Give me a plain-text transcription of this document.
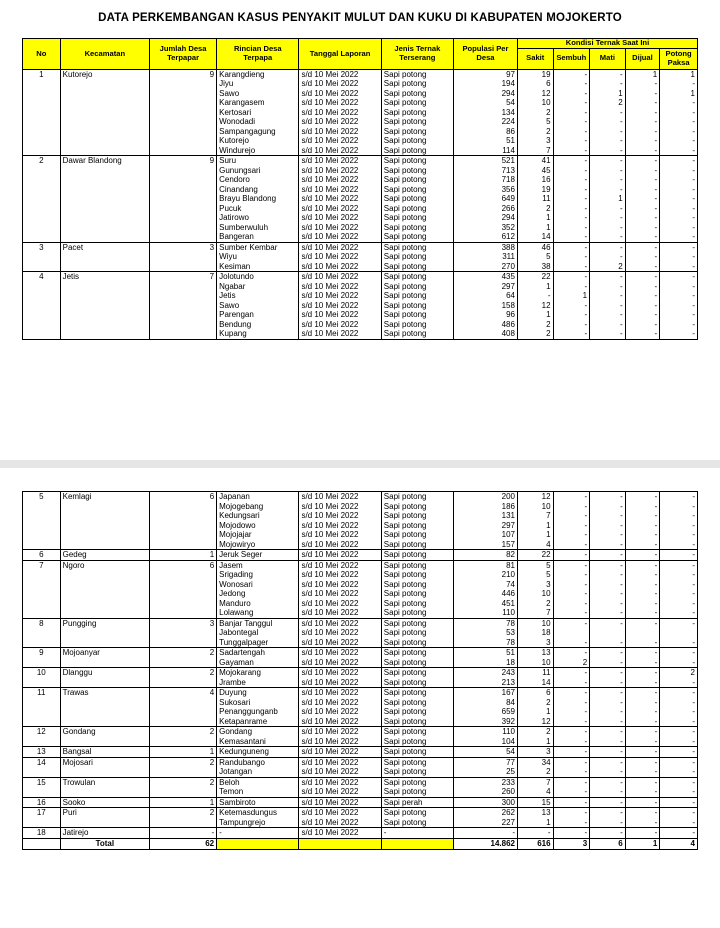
DATA PERKEMBANGAN KASUS PENYAKIT MULUT DAN KUKU DI KABUPATEN MOJOKERTO
No	Kecamatan	Jumlah Desa Terpapar	Rincian Desa Terpapa	Tanggal Laporan	Jenis Ternak Terserang	Populasi Per Desa	Kondisi Ternak Saat Ini				
							Sakit	Sembuh	Mati	Dijual	Potong Paksa
1	Kutorejo	9	Karangdieng	s/d 10 Mei 2022	Sapi potong	97	19	-	-	1	1
			Jiyu	s/d 10 Mei 2022	Sapi potong	194	6	-	-	-	-
			Sawo	s/d 10 Mei 2022	Sapi potong	294	12	-	1	-	1
			Karangasem	s/d 10 Mei 2022	Sapi potong	54	10	-	2	-	-
			Kertosari	s/d 10 Mei 2022	Sapi potong	134	2	-	-	-	-
			Wonodadi	s/d 10 Mei 2022	Sapi potong	224	5	-	-	-	-
			Sampangagung	s/d 10 Mei 2022	Sapi potong	86	2	-	-	-	-
			Kutorejo	s/d 10 Mei 2022	Sapi potong	51	3	-	-	-	-
			Windurejo	s/d 10 Mei 2022	Sapi potong	114	7	-	-	-	-
2	Dawar Blandong	9	Suru	s/d 10 Mei 2022	Sapi potong	521	41	-	-	-	-
			Gunungsari	s/d 10 Mei 2022	Sapi potong	713	45	-	-	-	-
			Cendoro	s/d 10 Mei 2022	Sapi potong	718	16	-	-	-	-
			Cinandang	s/d 10 Mei 2022	Sapi potong	356	19	-	-	-	-
			Brayu Blandong	s/d 10 Mei 2022	Sapi potong	649	11	-	1	-	-
			Pucuk	s/d 10 Mei 2022	Sapi potong	266	2	-	-	-	-
			Jatirowo	s/d 10 Mei 2022	Sapi potong	294	1	-	-	-	-
			Sumberwuluh	s/d 10 Mei 2022	Sapi potong	352	1	-	-	-	-
			Bangeran	s/d 10 Mei 2022	Sapi potong	612	14	-	-	-	-
3	Pacet	3	Sumber Kembar	s/d 10 Mei 2022	Sapi potong	388	46	-	-	-	-
			Wiyu	s/d 10 Mei 2022	Sapi potong	311	5	-	-	-	-
			Kesiman	s/d 10 Mei 2022	Sapi potong	270	38	-	2	-	-
4	Jetis	7	Jolotundo	s/d 10 Mei 2022	Sapi potong	435	22	-	-	-	-
			Ngabar	s/d 10 Mei 2022	Sapi potong	297	1	-	-	-	-
			Jetis	s/d 10 Mei 2022	Sapi potong	64	-	1	-	-	-
			Sawo	s/d 10 Mei 2022	Sapi potong	158	12	-	-	-	-
			Parengan	s/d 10 Mei 2022	Sapi potong	96	1	-	-	-	-
			Bendung	s/d 10 Mei 2022	Sapi potong	486	2	-	-	-	-
			Kupang	s/d 10 Mei 2022	Sapi potong	408	2	-	-	-	-
5	Kemlagi	6	Japanan	s/d 10 Mei 2022	Sapi potong	200	12	-	-	-	-
			Mojogebang	s/d 10 Mei 2022	Sapi potong	186	10	-	-	-	-
			Kedungsari	s/d 10 Mei 2022	Sapi potong	131	7	-	-	-	-
			Mojodowo	s/d 10 Mei 2022	Sapi potong	297	1	-	-	-	-
			Mojojajar	s/d 10 Mei 2022	Sapi potong	107	1	-	-	-	-
			Mojowiryo	s/d 10 Mei 2022	Sapi potong	157	4	-	-	-	-
6	Gedeg	1	Jeruk Seger	s/d 10 Mei 2022	Sapi potong	82	22	-	-	-	-
7	Ngoro	6	Jasem	s/d 10 Mei 2022	Sapi potong	81	5	-	-	-	-
			Srigading	s/d 10 Mei 2022	Sapi potong	210	5	-	-	-	-
			Wonosari	s/d 10 Mei 2022	Sapi potong	74	3	-	-	-	-
			Jedong	s/d 10 Mei 2022	Sapi potong	446	10	-	-	-	-
			Manduro	s/d 10 Mei 2022	Sapi potong	451	2	-	-	-	-
			Lolawang	s/d 10 Mei 2022	Sapi potong	110	7	-	-	-	-
8	Pungging	3	Banjar Tanggul	s/d 10 Mei 2022	Sapi potong	78	10	-	-	-	-
			Jabontegal	s/d 10 Mei 2022	Sapi potong	53	18				
			Tunggalpager	s/d 10 Mei 2022	Sapi potong	78	3	-	-	-	-
9	Mojoanyar	2	Sadartengah	s/d 10 Mei 2022	Sapi potong	51	13	-	-	-	-
			Gayaman	s/d 10 Mei 2022	Sapi potong	18	10	2	-	-	-
10	Dlanggu	2	Mojokarang	s/d 10 Mei 2022	Sapi potong	243	11	-	-	-	2
			Jrambe	s/d 10 Mei 2022	Sapi potong	213	14	-	-	-	-
11	Trawas	4	Duyung	s/d 10 Mei 2022	Sapi potong	167	6	-	-	-	-
			Sukosari	s/d 10 Mei 2022	Sapi potong	84	2	-	-	-	-
			Penanggunganb	s/d 10 Mei 2022	Sapi potong	659	1	-	-	-	-
			Ketapanrame	s/d 10 Mei 2022	Sapi potong	392	12	-	-	-	-
12	Gondang	2	Gondang	s/d 10 Mei 2022	Sapi potong	110	2	-	-	-	-
			Kemasantani	s/d 10 Mei 2022	Sapi potong	104	1	-	-	-	-
13	Bangsal	1	Kedunguneng	s/d 10 Mei 2022	Sapi potong	54	3	-	-	-	-
14	Mojosari	2	Randubango	s/d 10 Mei 2022	Sapi potong	77	34	-	-	-	-
			Jotangan	s/d 10 Mei 2022	Sapi potong	25	2	-	-	-	-
15	Trowulan	2	Beloh	s/d 10 Mei 2022	Sapi potong	233	7	-	-	-	-
			Temon	s/d 10 Mei 2022	Sapi potong	260	4	-	-	-	-
16	Sooko	1	Sambiroto	s/d 10 Mei 2022	Sapi perah	300	15	-	-	-	-
17	Puri	2	Ketemasdungus	s/d 10 Mei 2022	Sapi potong	262	13	-	-	-	-
			Tampungrejo	s/d 10 Mei 2022	Sapi potong	227	1	-	-	-	-
18	Jatirejo	-	-	s/d 10 Mei 2022	-	-	-	-	-	-	-
	Total	62				14.862	616	3	6	1	4
